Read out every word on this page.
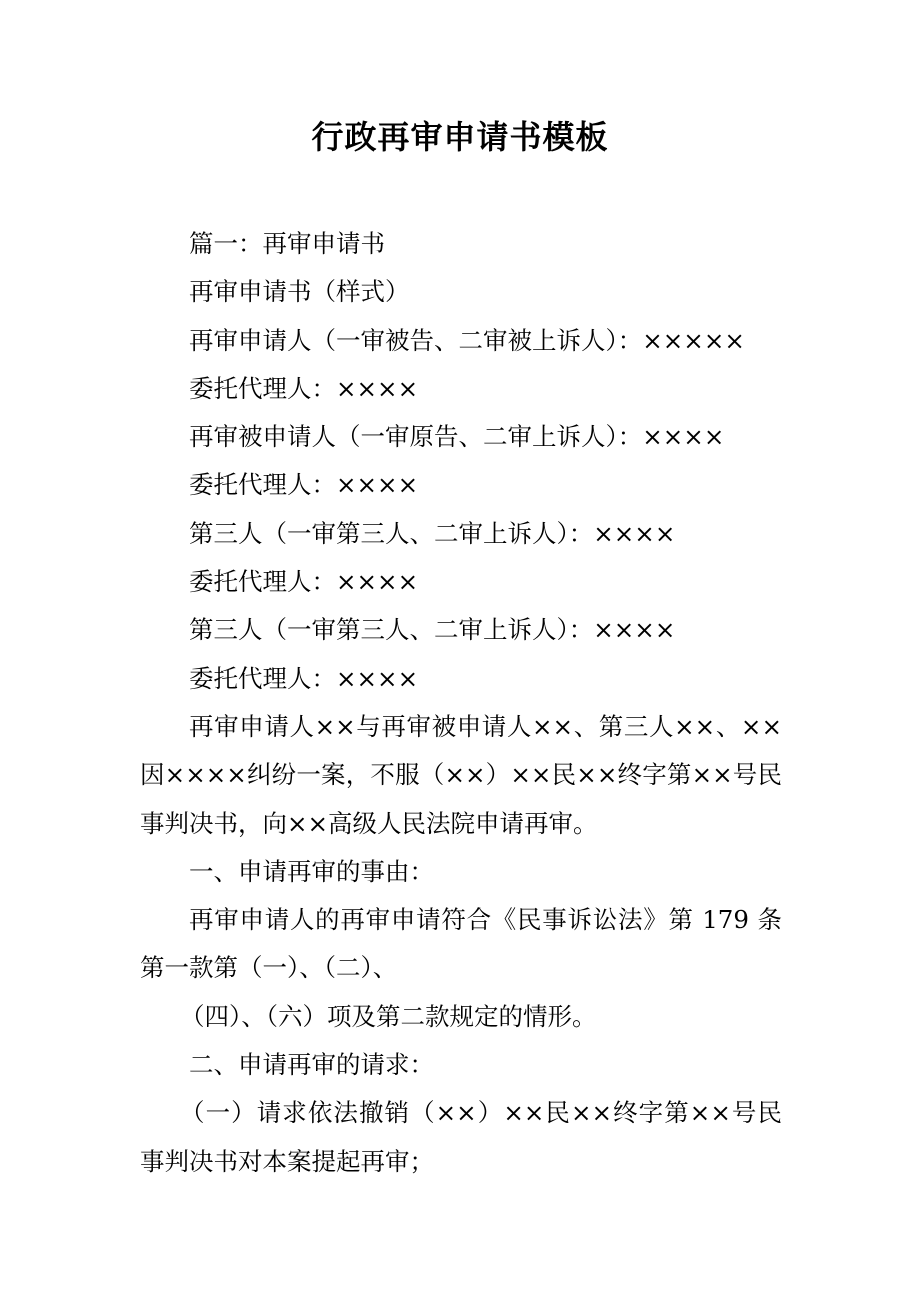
行政再审申请书模板

篇一：再审申请书

再审申请书（样式）

再审申请人（一审被告、二审被上诉人）：×××××

委托代理人：××××

再审被申请人（一审原告、二审上诉人）：××××

委托代理人：××××

第三人（一审第三人、二审上诉人）：××××

委托代理人：××××

第三人（一审第三人、二审上诉人）：××××

委托代理人：××××

再审申请人××与再审被申请人××、第三人××、××因××××纠纷一案，不服（××）××民××终字第××号民事判决书，向××高级人民法院申请再审。

一、申请再审的事由：

再审申请人的再审申请符合《民事诉讼法》第 179 条第一款第（一）、（二）、

（四）、（六）项及第二款规定的情形。

二、申请再审的请求：

（一）请求依法撤销（××）××民××终字第××号民事判决书对本案提起再审；
